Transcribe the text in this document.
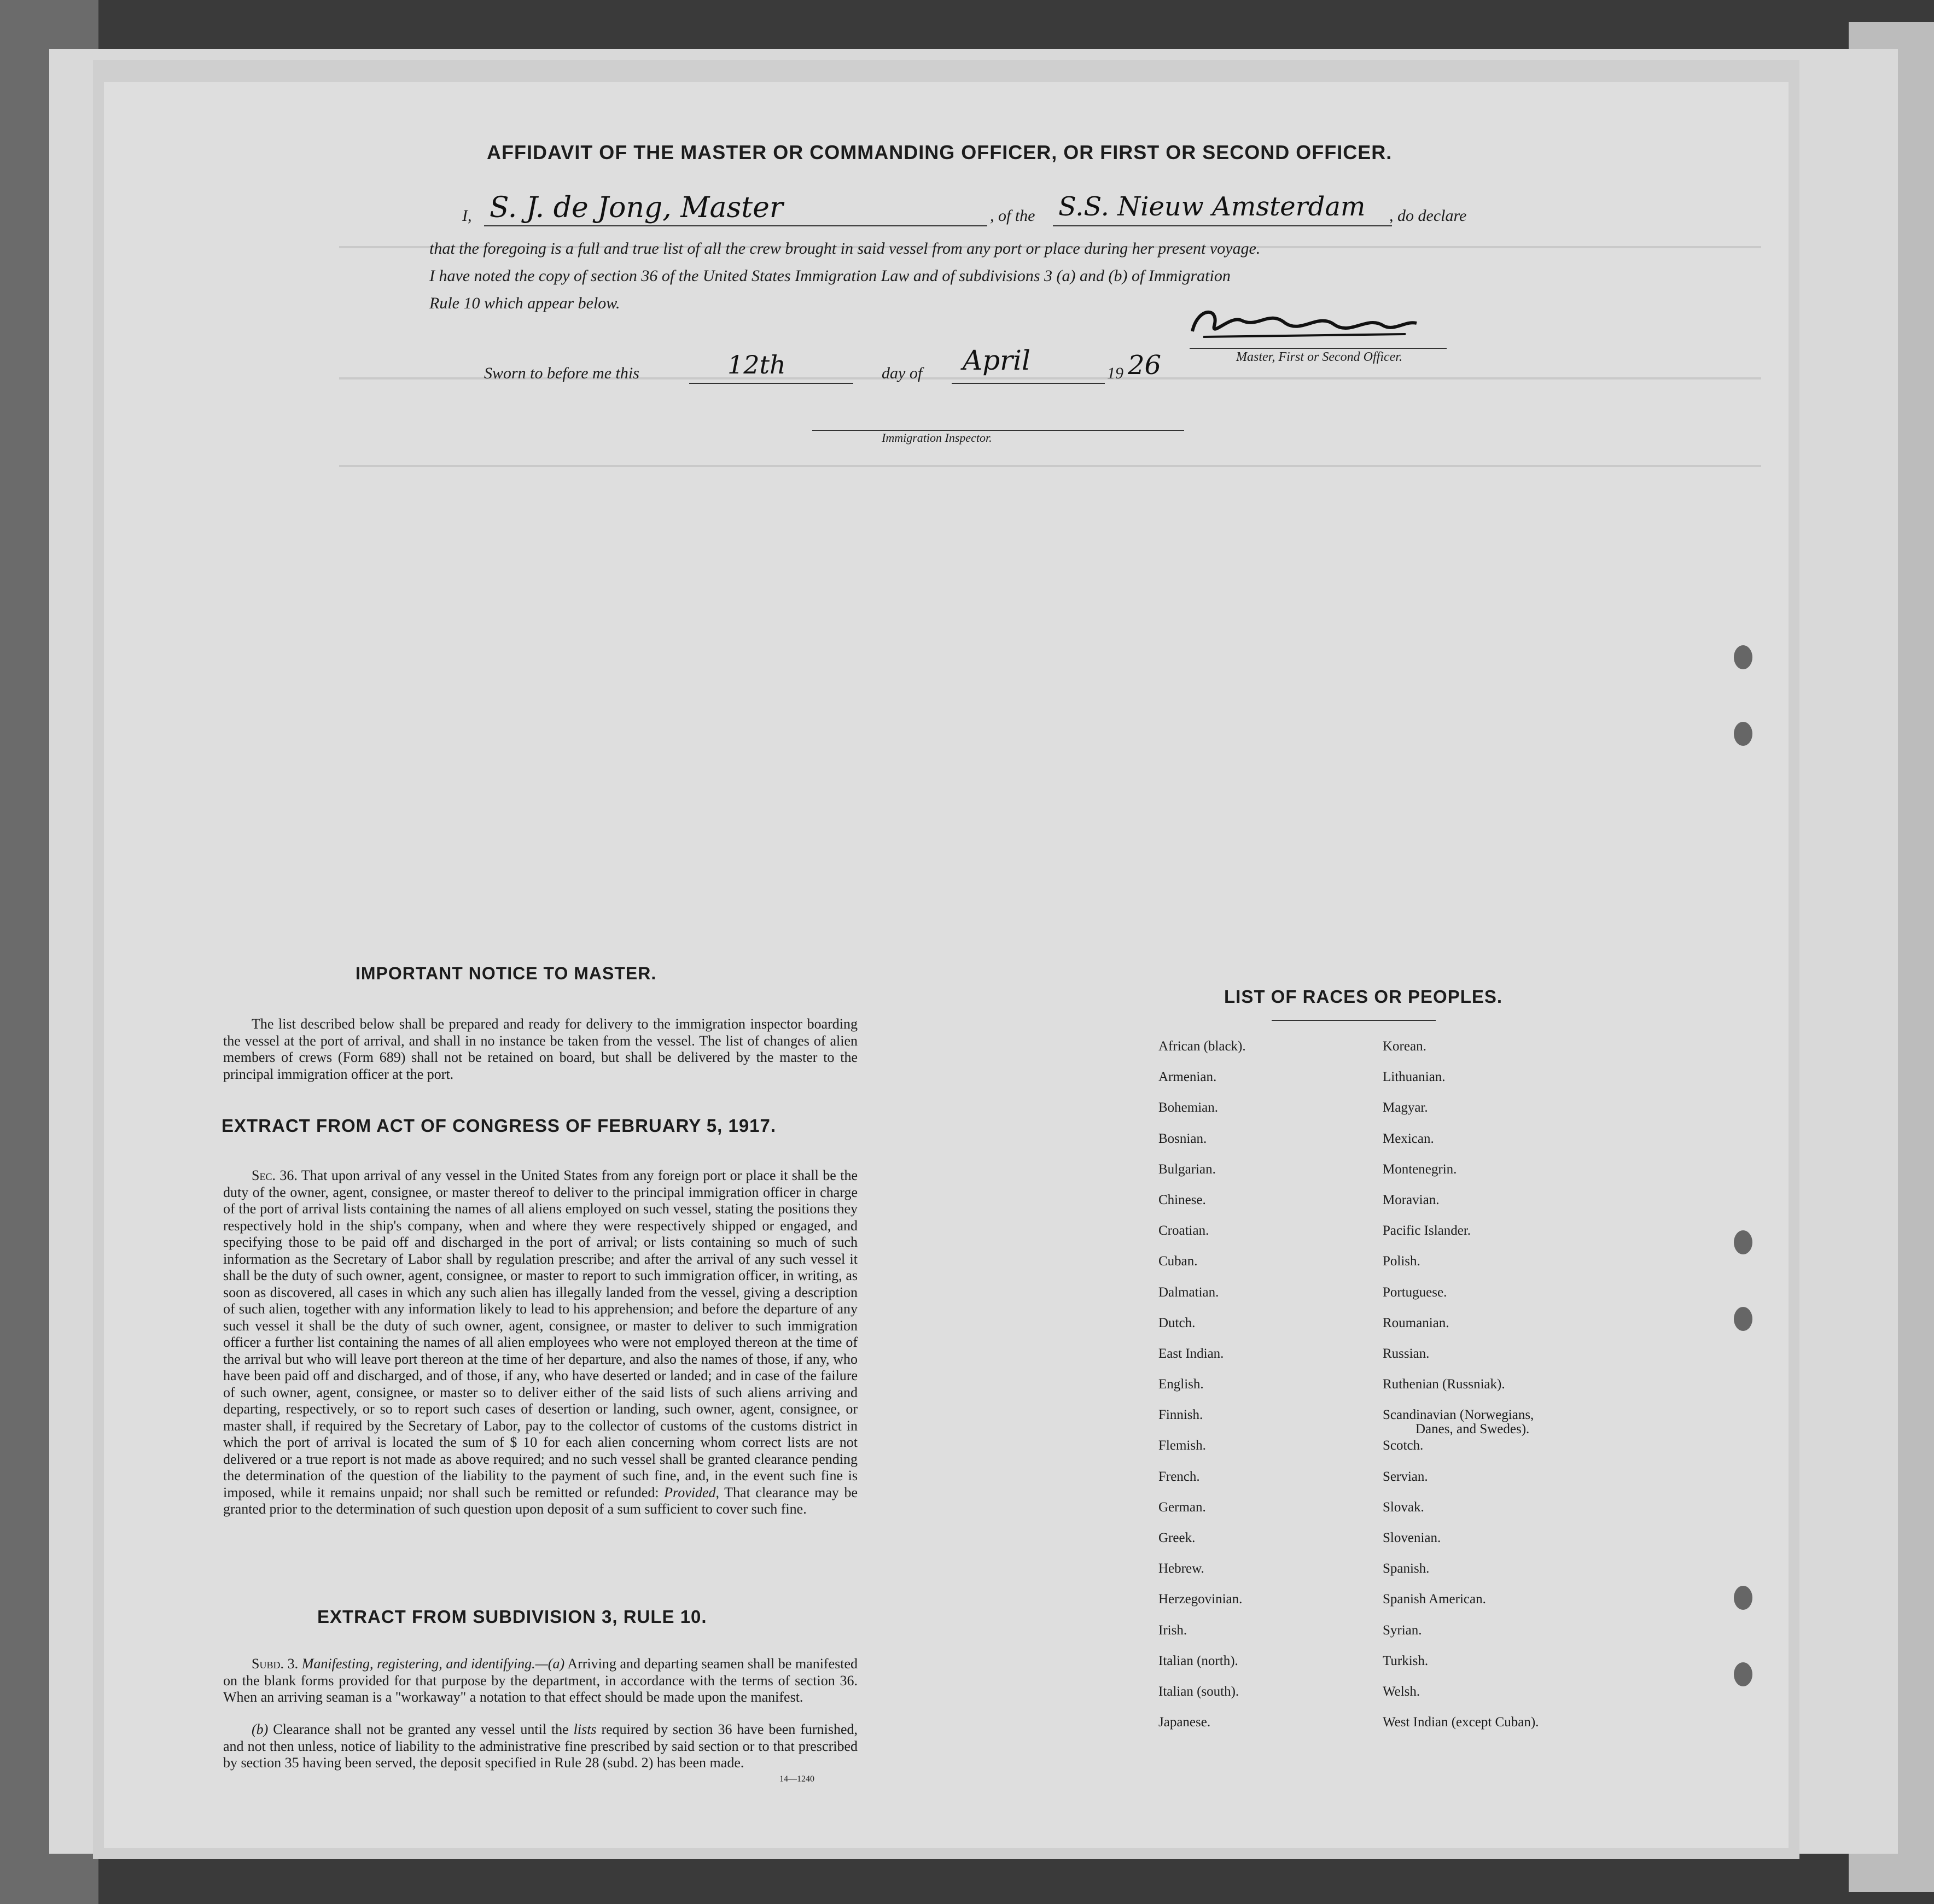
AFFIDAVIT OF THE MASTER OR COMMANDING OFFICER, OR FIRST OR SECOND OFFICER.
I, S. J. de Jong, Master	, of the S.S. Nieuw Amsterdam , do declare
that the foregoing is a full and true list of all the crew brought in said vessel from any port or place during her present voyage.
I have noted the copy of section 36 of the United States Immigration Law and of subdivisions 3 (a) and (b) of Immigration
Rule 10 which appear below.
Master, First or Second Officer.
Sworn to before me this	12th	day of April	19 26
Immigration Inspector.
IMPORTANT NOTICE TO MASTER.
The list described below shall be prepared and ready for delivery to the immigration inspector boarding the vessel at the port of arrival, and shall in no instance be taken from the vessel. The list of changes of alien members of crews (Form 689) shall not be retained on board, but shall be delivered by the master to the principal immigration officer at the port.
EXTRACT FROM ACT OF CONGRESS OF FEBRUARY 5, 1917.
Sec. 36. That upon arrival of any vessel in the United States from any foreign port or place it shall be the duty of the owner, agent, consignee, or master thereof to deliver to the principal immigration officer in charge of the port of arrival lists containing the names of all aliens employed on such vessel, stating the positions they respectively hold in the ship's company, when and where they were respectively shipped or engaged, and specifying those to be paid off and discharged in the port of arrival; or lists containing so much of such information as the Secretary of Labor shall by regulation prescribe; and after the arrival of any such vessel it shall be the duty of such owner, agent, consignee, or master to report to such immigration officer, in writing, as soon as discovered, all cases in which any such alien has illegally landed from the vessel, giving a description of such alien, together with any information likely to lead to his apprehension; and before the departure of any such vessel it shall be the duty of such owner, agent, consignee, or master to deliver to such immigration officer a further list containing the names of all alien employees who were not employed thereon at the time of the arrival but who will leave port thereon at the time of her departure, and also the names of those, if any, who have been paid off and discharged, and of those, if any, who have deserted or landed; and in case of the failure of such owner, agent, consignee, or master so to deliver either of the said lists of such aliens arriving and departing, respectively, or so to report such cases of desertion or landing, such owner, agent, consignee, or master shall, if required by the Secretary of Labor, pay to the collector of customs of the customs district in which the port of arrival is located the sum of $ 10 for each alien concerning whom correct lists are not delivered or a true report is not made as above required; and no such vessel shall be granted clearance pending the determination of the question of the liability to the payment of such fine, and, in the event such fine is imposed, while it remains unpaid; nor shall such be remitted or refunded: Provided, That clearance may be granted prior to the determination of such question upon deposit of a sum sufficient to cover such fine.
EXTRACT FROM SUBDIVISION 3, RULE 10.
Subd. 3. Manifesting, registering, and identifying.—(a) Arriving and departing seamen shall be manifested on the blank forms provided for that purpose by the department, in accordance with the terms of section 36. When an arriving seaman is a "workaway" a notation to that effect should be made upon the manifest.
(b) Clearance shall not be granted any vessel until the lists required by section 36 have been furnished, and not then unless, notice of liability to the administrative fine prescribed by said section or to that prescribed by section 35 having been served, the deposit specified in Rule 28 (subd. 2) has been made.
14—1240
LIST OF RACES OR PEOPLES.
African (black).
Armenian.
Bohemian.
Bosnian.
Bulgarian.
Chinese.
Croatian.
Cuban.
Dalmatian.
Dutch.
East Indian.
English.
Finnish.
Flemish.
French.
German.
Greek.
Hebrew.
Herzegovinian.
Irish.
Italian (north).
Italian (south).
Japanese.
Korean.
Lithuanian.
Magyar.
Mexican.
Montenegrin.
Moravian.
Pacific Islander.
Polish.
Portuguese.
Roumanian.
Russian.
Ruthenian (Russniak).
Scandinavian (Norwegians,
Danes, and Swedes).
Scotch.
Servian.
Slovak.
Slovenian.
Spanish.
Spanish American.
Syrian.
Turkish.
Welsh.
West Indian (except Cuban).
